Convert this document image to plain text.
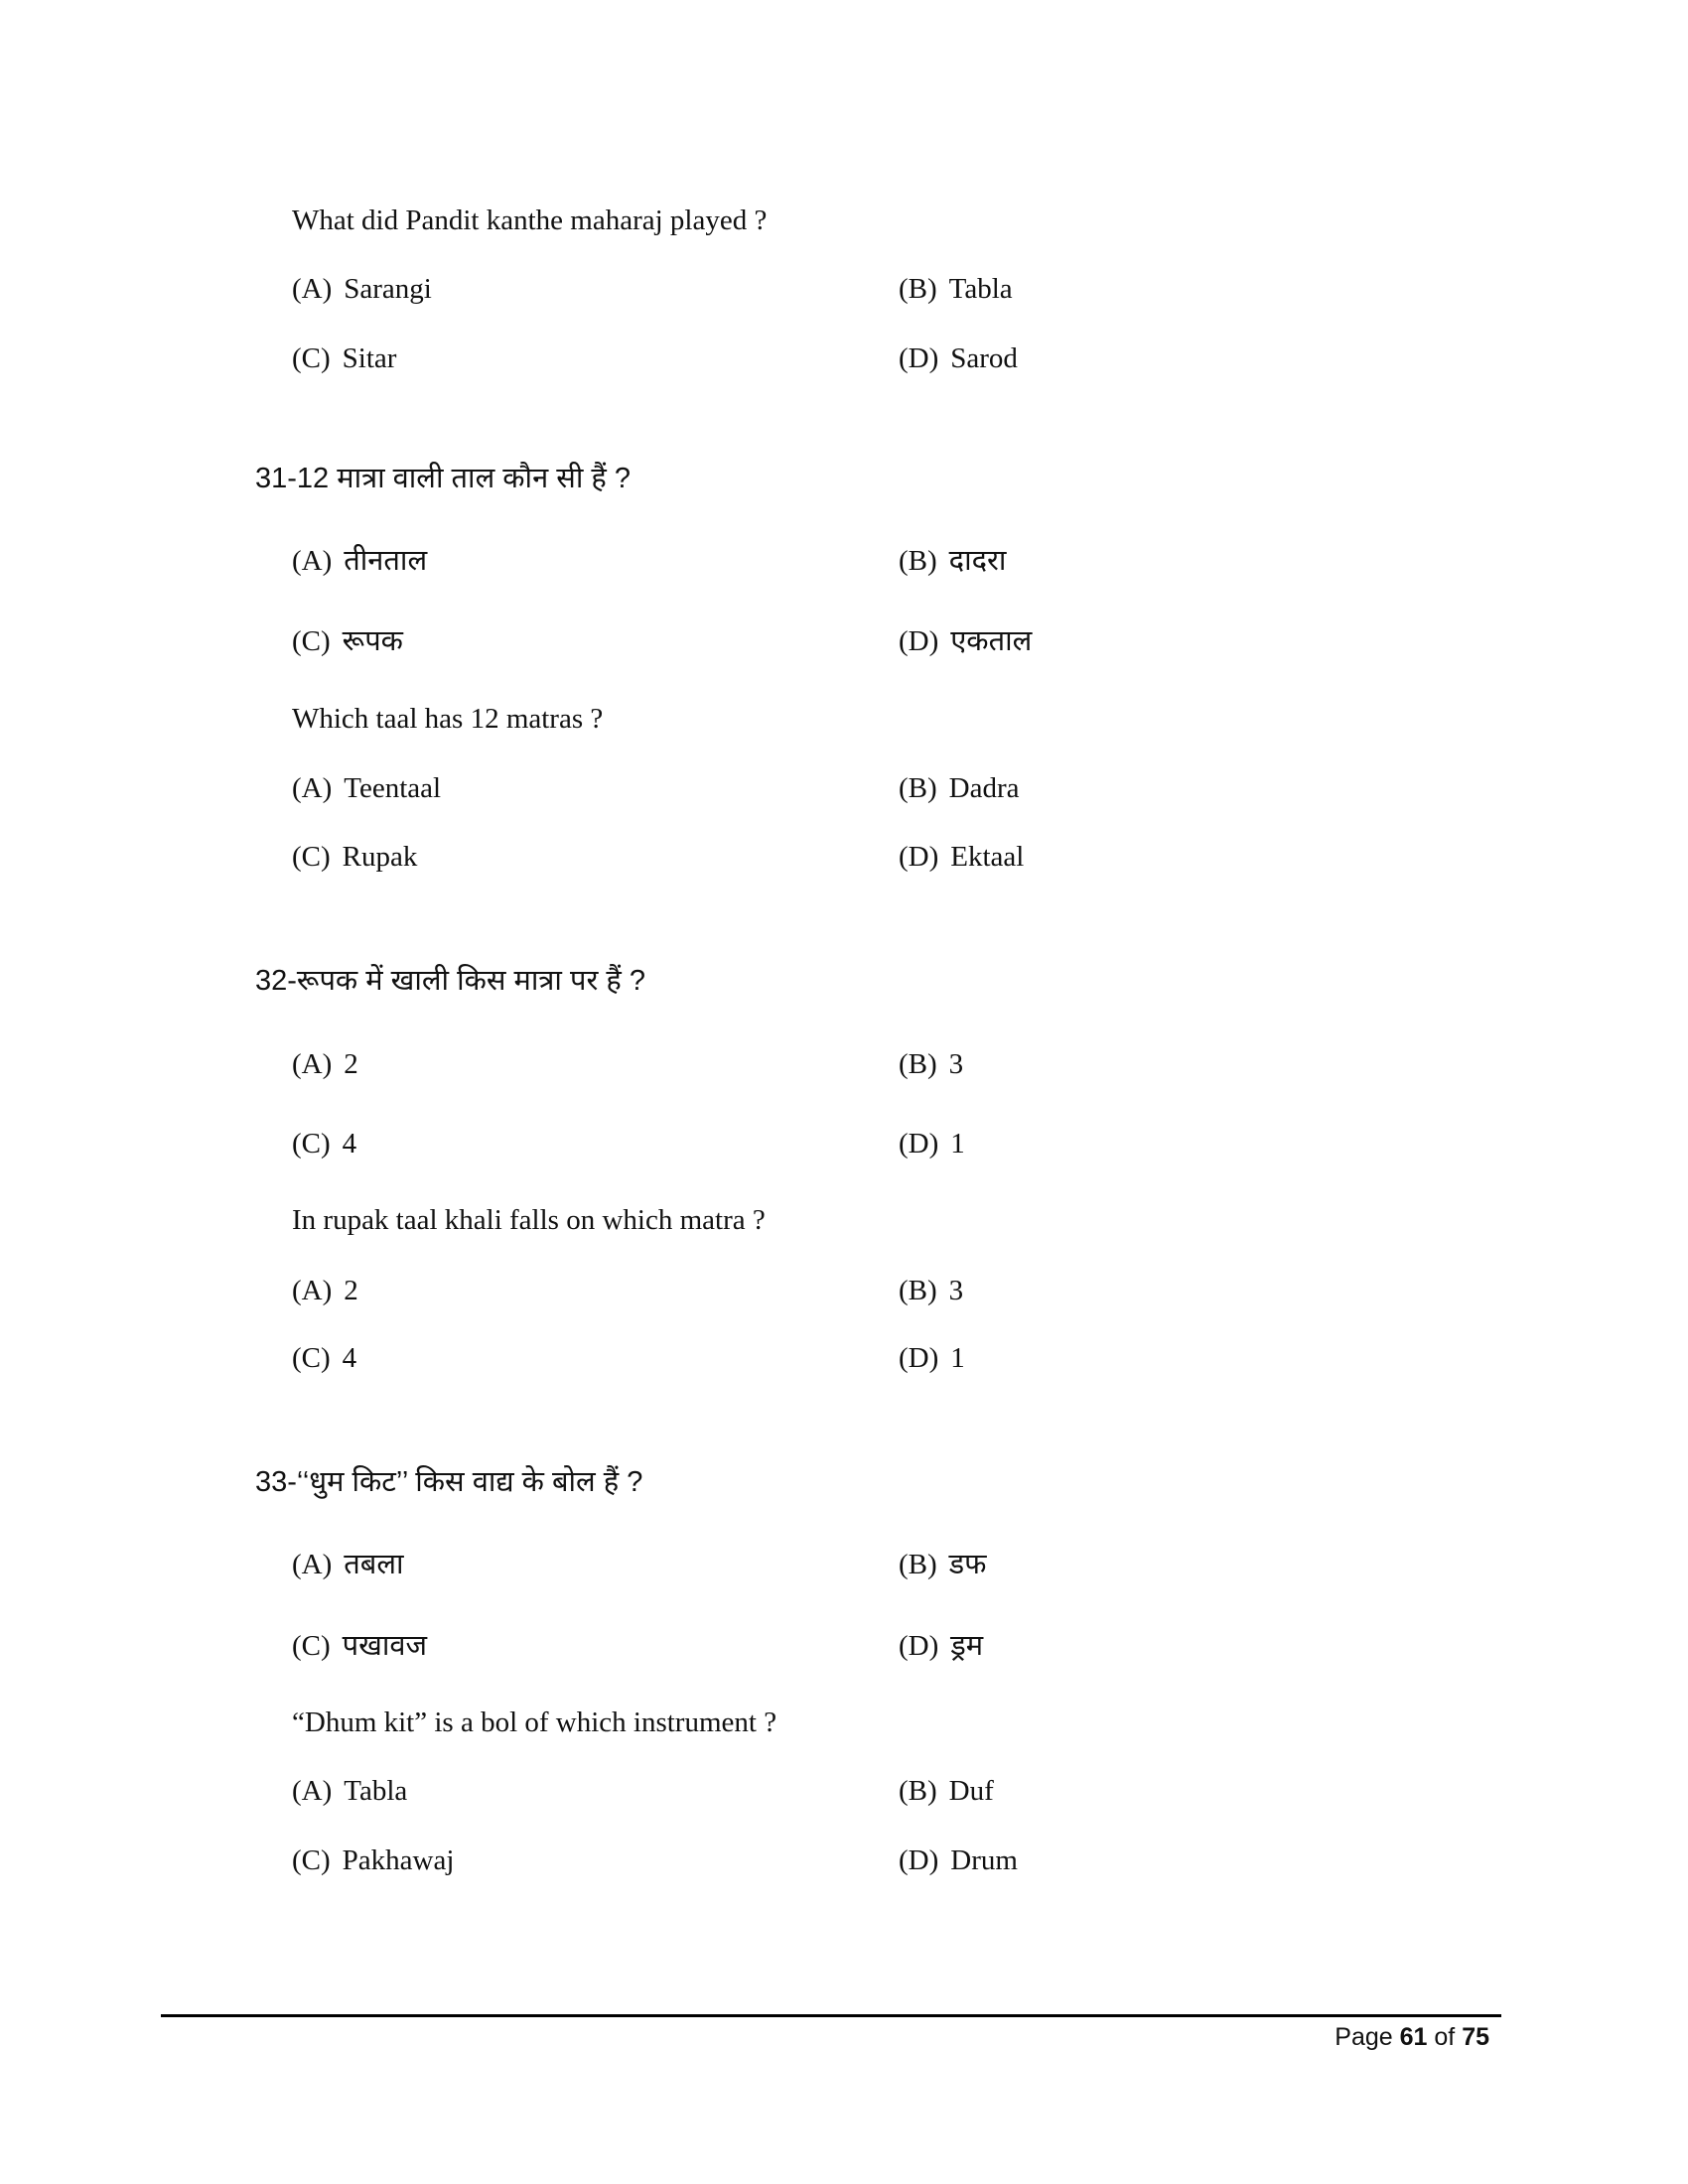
What did Pandit kanthe maharaj played ?
(A) Sarangi	(B) Tabla
(C) Sitar	(D) Sarod
31-12 मात्रा वाली ताल कौन सी हैं ?
(A) तीनताल	(B) दादरा
(C) रूपक	(D) एकताल
Which taal has 12 matras ?
(A) Teentaal	(B) Dadra
(C) Rupak	(D) Ektaal
32-रूपक में खाली किस मात्रा पर हैं ?
(A) 2	(B) 3
(C) 4	(D) 1
In rupak taal khali falls on which matra ?
(A) 2	(B) 3
(C) 4	(D) 1
33-‘‘धुम किट’’ किस वाद्य के बोल हैं ?
(A) तबला	(B) डफ
(C) पखावज	(D) ड्रम
“Dhum kit” is a bol of which instrument ?
(A) Tabla	(B) Duf
(C) Pakhawaj	(D) Drum
Page 61 of 75
